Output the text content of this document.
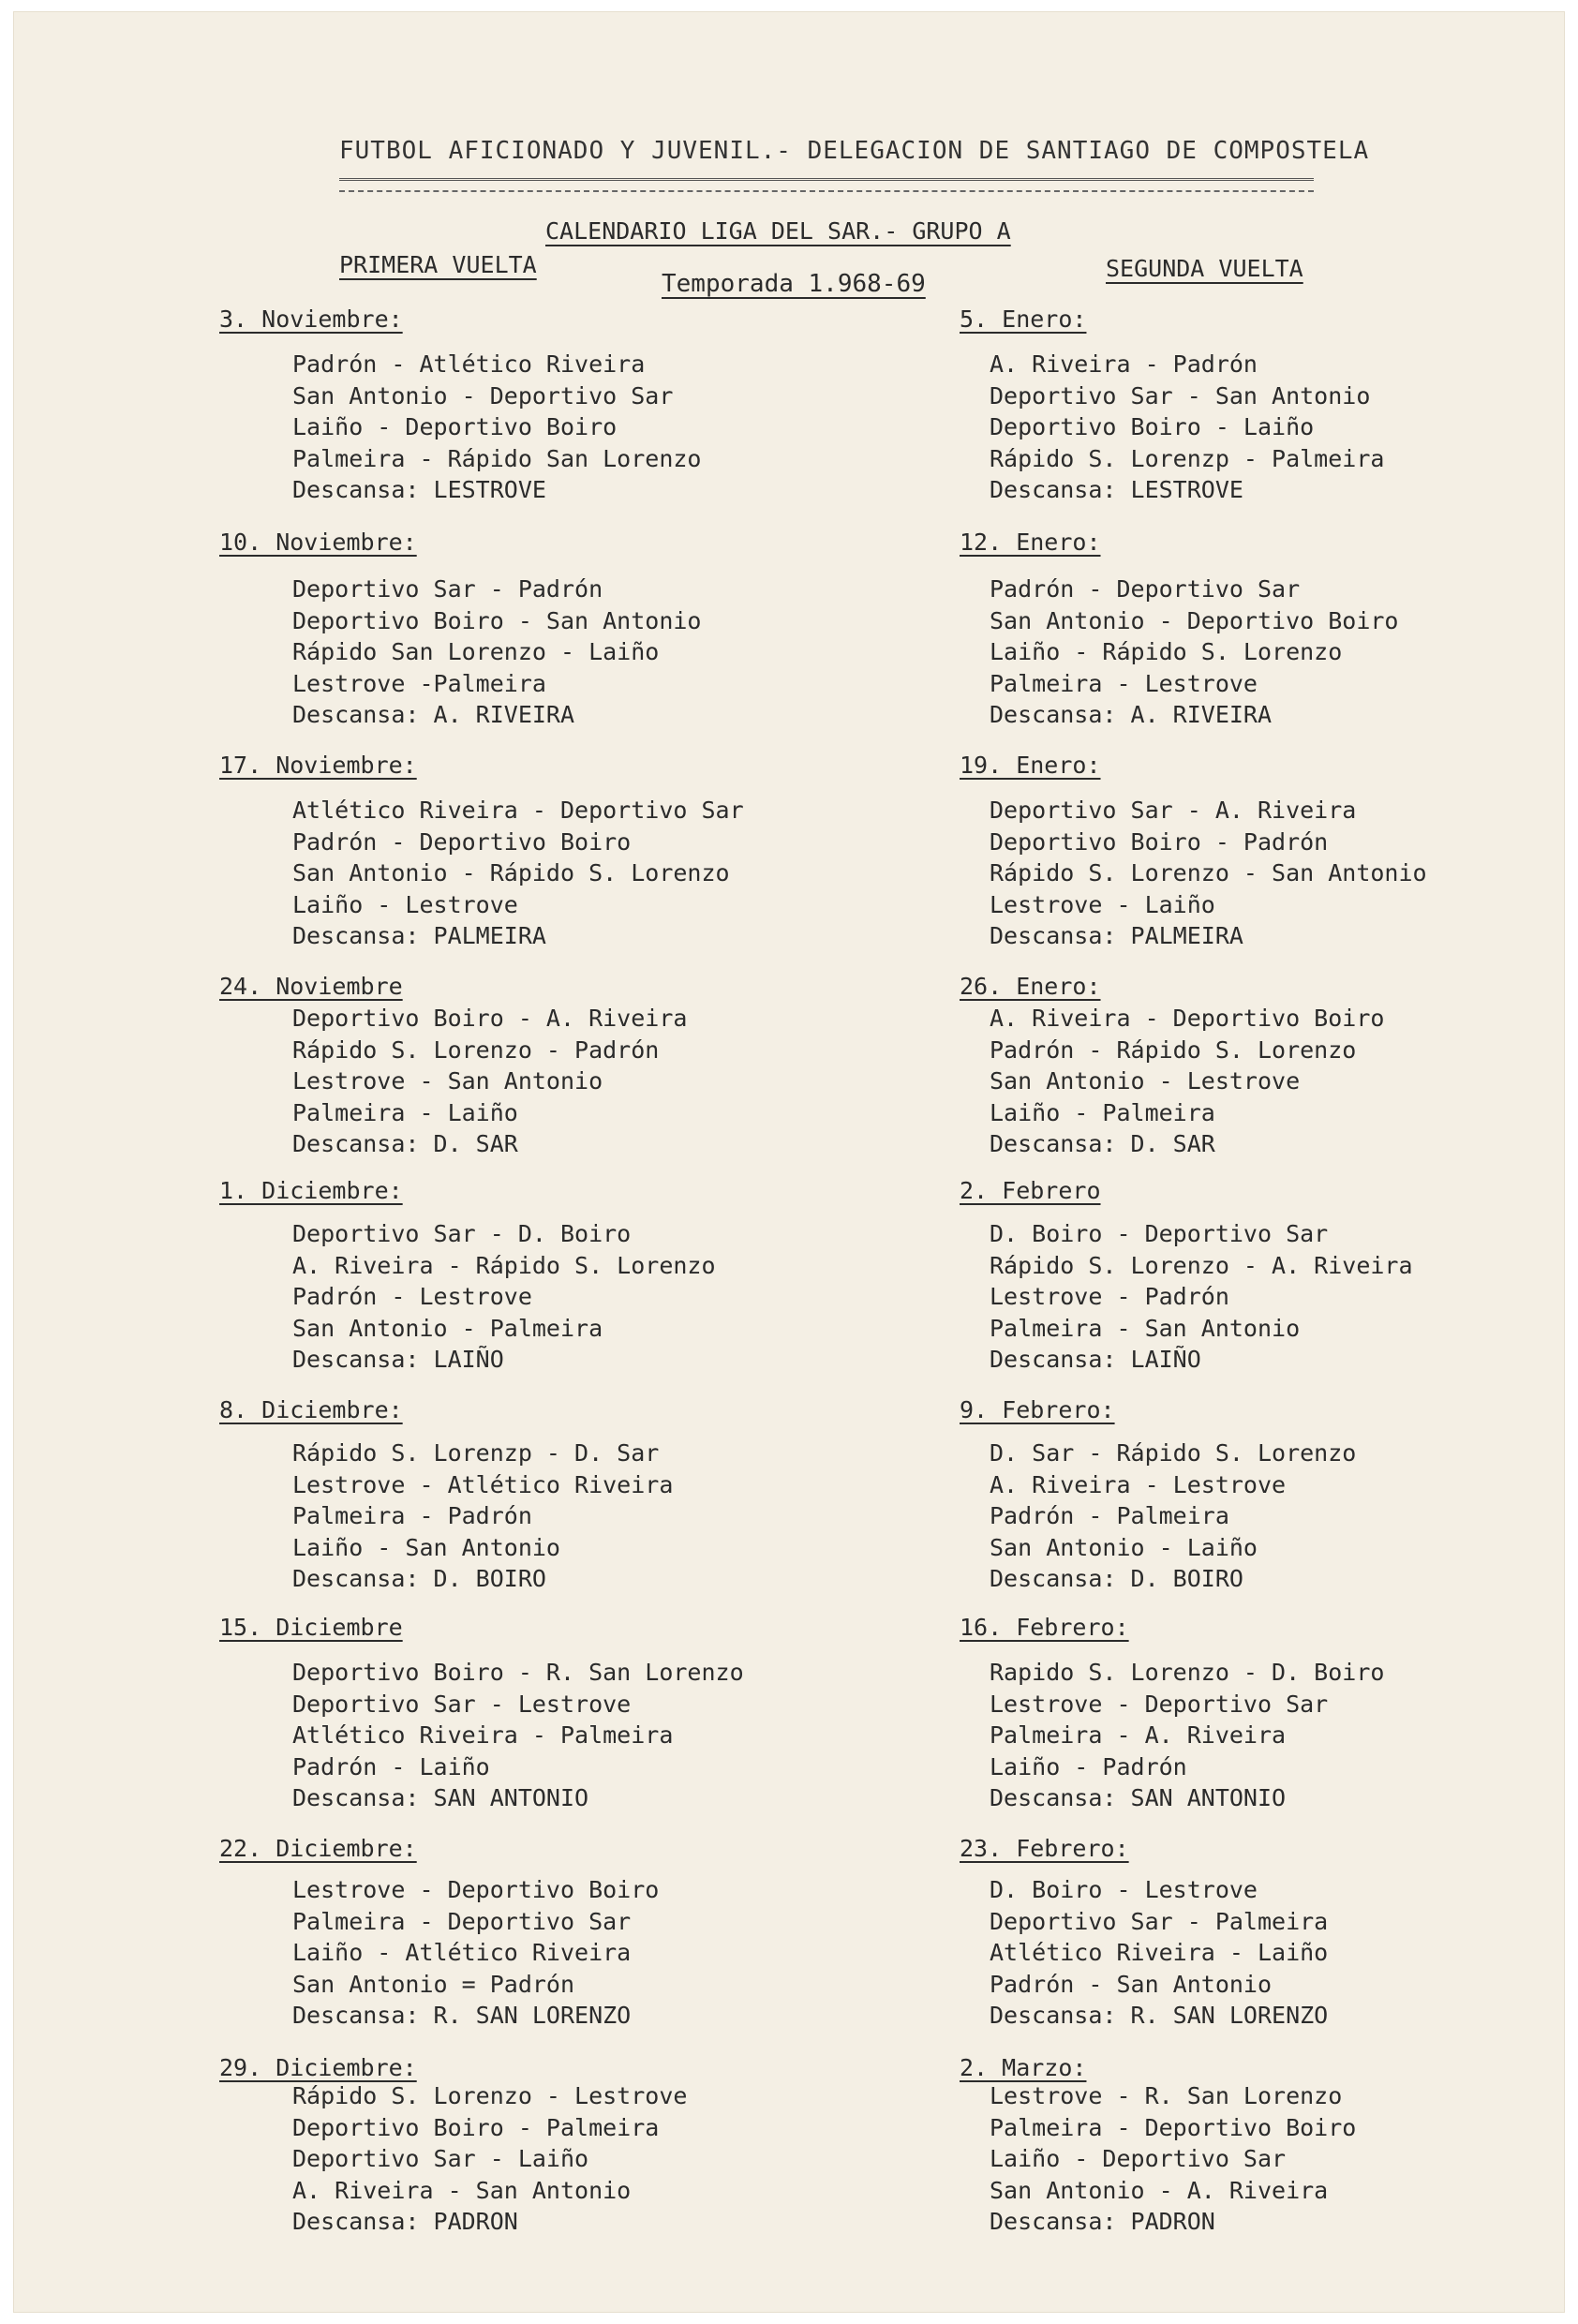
FUTBOL AFICIONADO Y JUVENIL.- DELEGACION DE SANTIAGO DE COMPOSTELA
CALENDARIO LIGA DEL SAR.- GRUPO A
PRIMERA VUELTA
Temporada 1.968-69
SEGUNDA VUELTA
3. Noviembre:
Padrón - Atlético Riveira
San Antonio - Deportivo Sar
Laiño - Deportivo Boiro
Palmeira - Rápido San Lorenzo
Descansa: LESTROVE
10. Noviembre:
Deportivo Sar - Padrón
Deportivo Boiro - San Antonio
Rápido San Lorenzo - Laiño
Lestrove -Palmeira
Descansa: A. RIVEIRA
17. Noviembre:
Atlético Riveira - Deportivo Sar
Padrón - Deportivo Boiro
San Antonio - Rápido S. Lorenzo
Laiño - Lestrove
Descansa: PALMEIRA
24. Noviembre
Deportivo Boiro - A. Riveira
Rápido S. Lorenzo - Padrón
Lestrove - San Antonio
Palmeira - Laiño
Descansa: D. SAR
1. Diciembre:
Deportivo Sar - D. Boiro
A. Riveira - Rápido S. Lorenzo
Padrón - Lestrove
San Antonio - Palmeira
Descansa: LAIÑO
8. Diciembre:
Rápido S. Lorenzp - D. Sar
Lestrove - Atlético Riveira
Palmeira - Padrón
Laiño - San Antonio
Descansa: D. BOIRO
15. Diciembre
Deportivo Boiro - R. San Lorenzo
Deportivo Sar - Lestrove
Atlético Riveira - Palmeira
Padrón - Laiño
Descansa: SAN ANTONIO
22. Diciembre:
Lestrove - Deportivo Boiro
Palmeira - Deportivo Sar
Laiño - Atlético Riveira
San Antonio = Padrón
Descansa: R. SAN LORENZO
29. Diciembre:
Rápido S. Lorenzo - Lestrove
Deportivo Boiro - Palmeira
Deportivo Sar - Laiño
A. Riveira - San Antonio
Descansa: PADRON
5. Enero:
A. Riveira - Padrón
Deportivo Sar - San Antonio
Deportivo Boiro - Laiño
Rápido S. Lorenzp - Palmeira
Descansa: LESTROVE
12. Enero:
Padrón - Deportivo Sar
San Antonio - Deportivo Boiro
Laiño - Rápido S. Lorenzo
Palmeira - Lestrove
Descansa: A. RIVEIRA
19. Enero:
Deportivo Sar - A. Riveira
Deportivo Boiro - Padrón
Rápido S. Lorenzo - San Antonio
Lestrove - Laiño
Descansa: PALMEIRA
26. Enero:
A. Riveira - Deportivo Boiro
Padrón - Rápido S. Lorenzo
San Antonio - Lestrove
Laiño - Palmeira
Descansa: D. SAR
2. Febrero
D. Boiro - Deportivo Sar
Rápido S. Lorenzo - A. Riveira
Lestrove - Padrón
Palmeira - San Antonio
Descansa: LAIÑO
9. Febrero:
D. Sar - Rápido S. Lorenzo
A. Riveira - Lestrove
Padrón - Palmeira
San Antonio - Laiño
Descansa: D. BOIRO
16. Febrero:
Rapido S. Lorenzo - D. Boiro
Lestrove - Deportivo Sar
Palmeira - A. Riveira
Laiño - Padrón
Descansa: SAN ANTONIO
23. Febrero:
D. Boiro - Lestrove
Deportivo Sar - Palmeira
Atlético Riveira - Laiño
Padrón - San Antonio
Descansa: R. SAN LORENZO
2. Marzo:
Lestrove - R. San Lorenzo
Palmeira - Deportivo Boiro
Laiño - Deportivo Sar
San Antonio - A. Riveira
Descansa: PADRON
